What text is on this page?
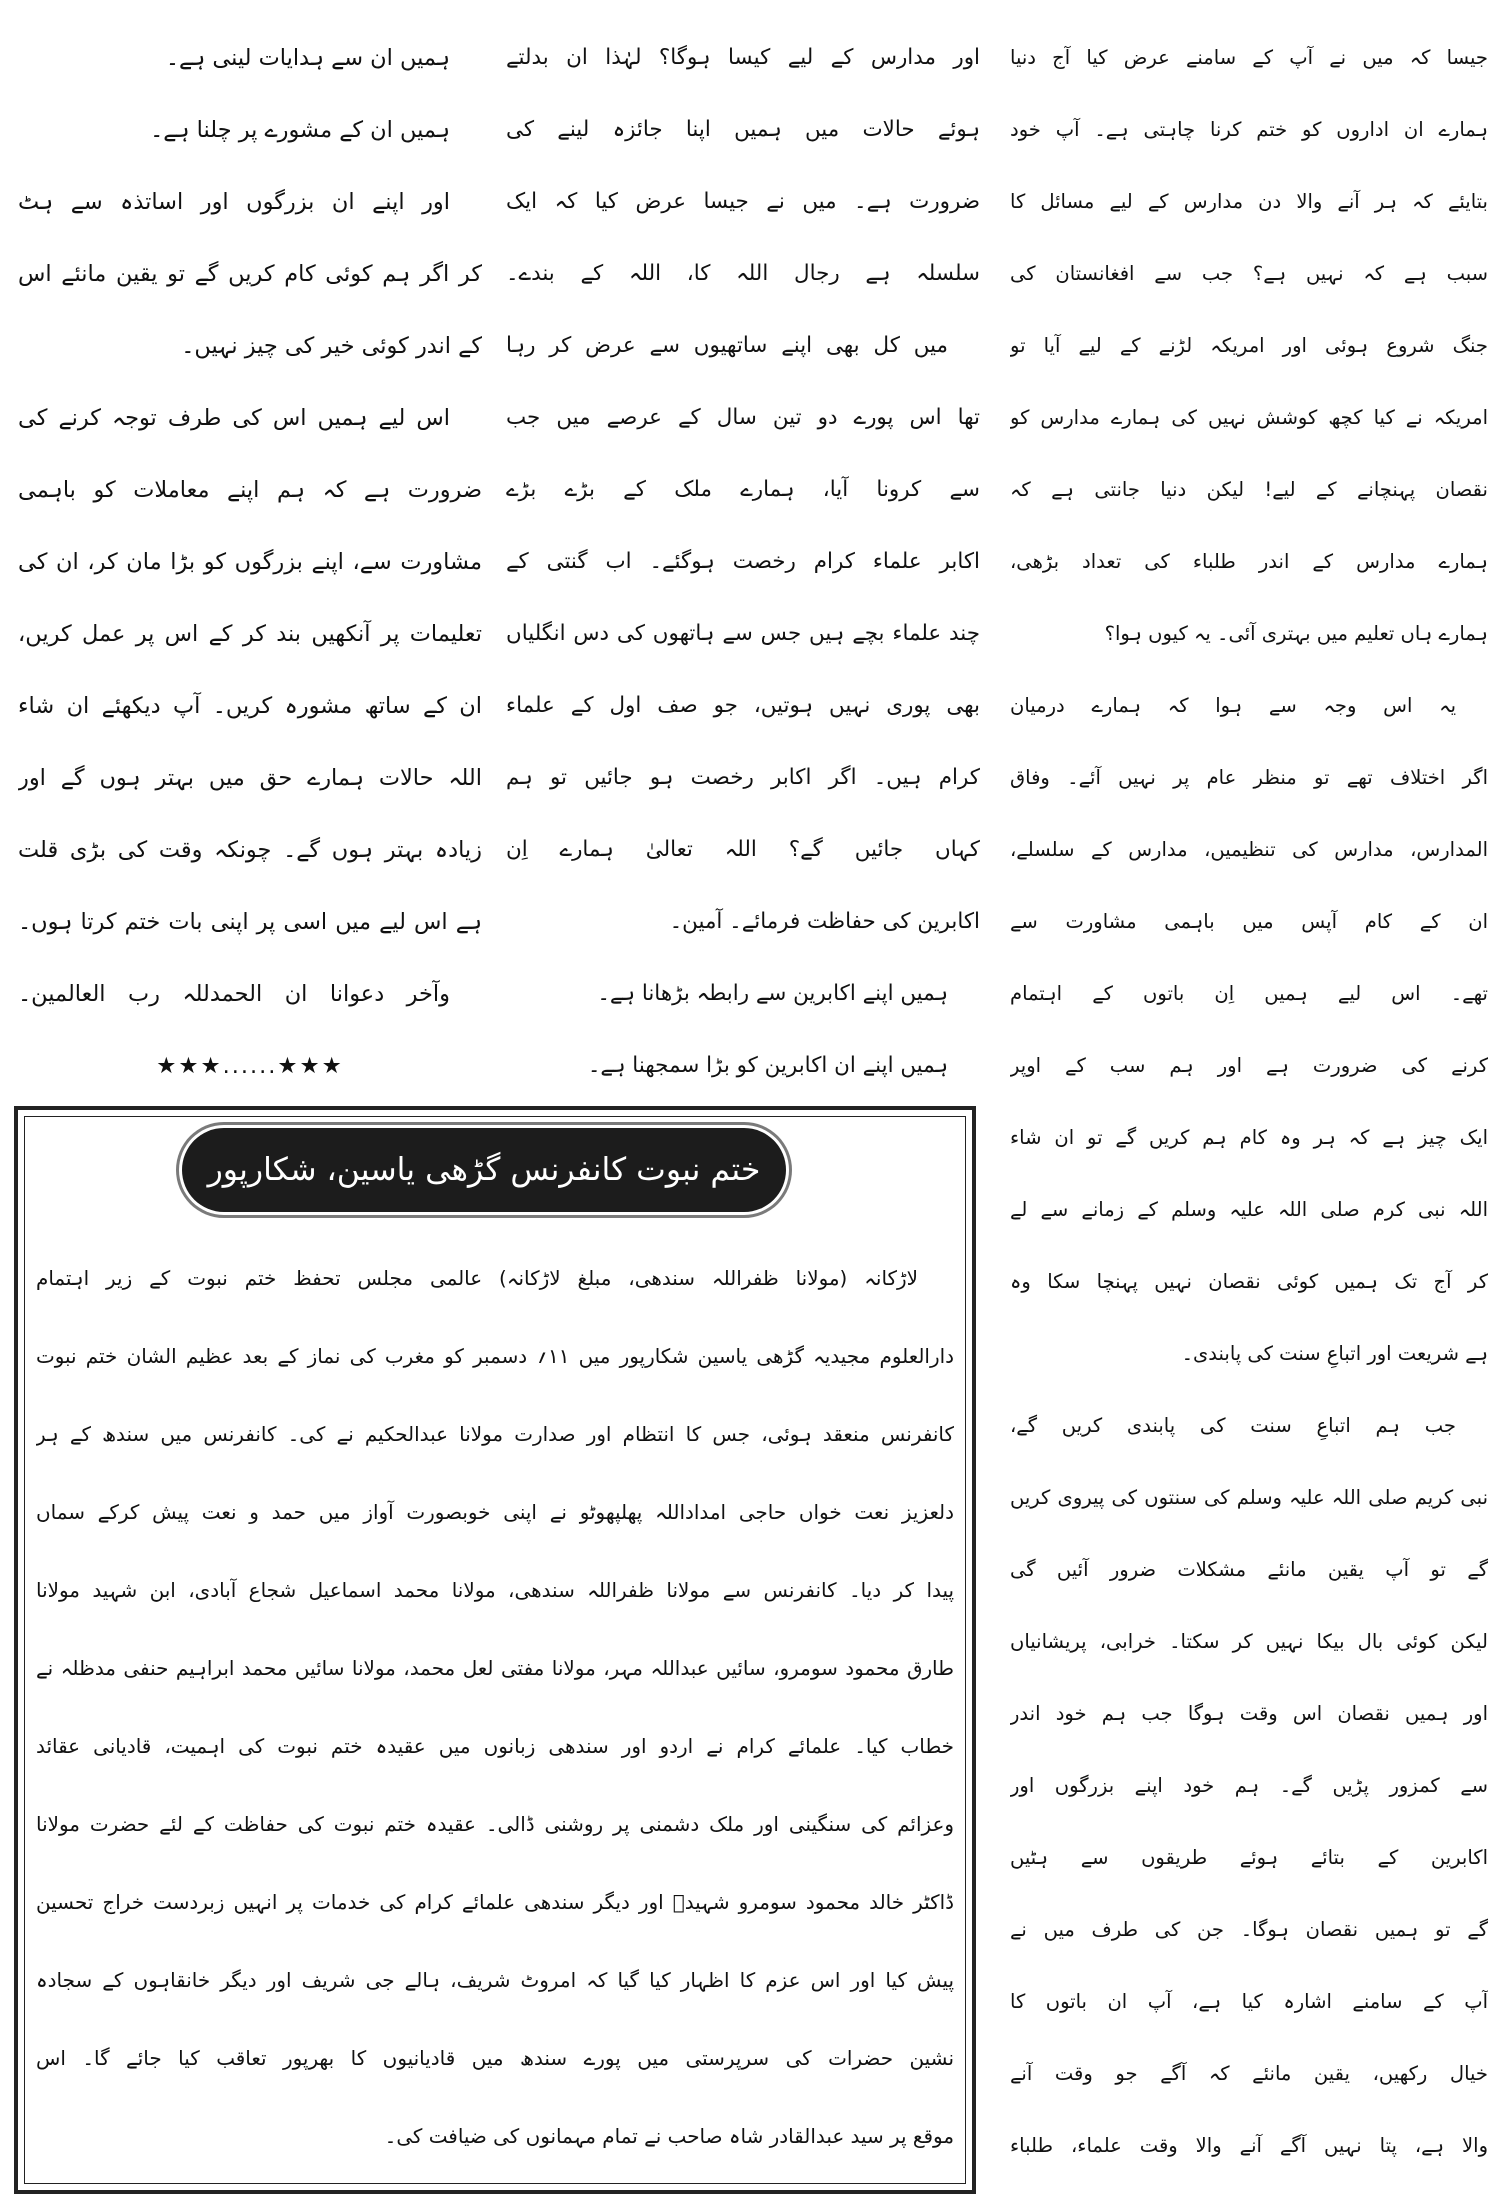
جیسا کہ میں نے آپ کے سامنے عرض کیا آج دنیا
ہمارے ان اداروں کو ختم کرنا چاہتی ہے۔ آپ خود
بتایئے کہ ہر آنے والا دن مدارس کے لیے مسائل کا
سبب ہے کہ نہیں ہے؟ جب سے افغانستان کی
جنگ شروع ہوئی اور امریکہ لڑنے کے لیے آیا تو
امریکہ نے کیا کچھ کوشش نہیں کی ہمارے مدارس کو
نقصان پہنچانے کے لیے! لیکن دنیا جانتی ہے کہ
ہمارے مدارس کے اندر طلباء کی تعداد بڑھی،
ہمارے ہاں تعلیم میں بہتری آئی۔ یہ کیوں ہوا؟
یہ اس وجہ سے ہوا کہ ہمارے درمیان
اگر اختلاف تھے تو منظر عام پر نہیں آئے۔ وفاق
المدارس، مدارس کی تنظیمیں، مدارس کے سلسلے،
ان کے کام آپس میں باہمی مشاورت سے
تھے۔ اس لیے ہمیں اِن باتوں کے اہتمام
کرنے کی ضرورت ہے اور ہم سب کے اوپر
ایک چیز ہے کہ ہر وہ کام ہم کریں گے تو ان شاء
اللہ نبی کرم صلی اللہ علیہ وسلم کے زمانے سے لے
کر آج تک ہمیں کوئی نقصان نہیں پہنچا سکا وہ
ہے شریعت اور اتباعِ سنت کی پابندی۔
جب ہم اتباعِ سنت کی پابندی کریں گے،
نبی کریم صلی اللہ علیہ وسلم کی سنتوں کی پیروی کریں
گے تو آپ یقین مانئے مشکلات ضرور آئیں گی
لیکن کوئی بال بیکا نہیں کر سکتا۔ خرابی، پریشانیاں
اور ہمیں نقصان اس وقت ہوگا جب ہم خود اندر
سے کمزور پڑیں گے۔ ہم خود اپنے بزرگوں اور
اکابرین کے بتائے ہوئے طریقوں سے ہٹیں
گے تو ہمیں نقصان ہوگا۔ جن کی طرف میں نے
آپ کے سامنے اشارہ کیا ہے، آپ ان باتوں کا
خیال رکھیں، یقین مانئے کہ آگے جو وقت آنے
والا ہے، پتا نہیں آگے آنے والا وقت علماء، طلباء
اور مدارس کے لیے کیسا ہوگا؟ لہٰذا ان بدلتے
ہوئے حالات میں ہمیں اپنا جائزہ لینے کی
ضرورت ہے۔ میں نے جیسا عرض کیا کہ ایک
سلسلہ ہے رجال اللہ کا، اللہ کے بندے۔
میں کل بھی اپنے ساتھیوں سے عرض کر رہا
تھا اس پورے دو تین سال کے عرصے میں جب
سے کرونا آیا، ہمارے ملک کے بڑے بڑے
اکابر علماء کرام رخصت ہوگئے۔ اب گنتی کے
چند علماء بچے ہیں جس سے ہاتھوں کی دس انگلیاں
بھی پوری نہیں ہوتیں، جو صف اول کے علماء
کرام ہیں۔ اگر اکابر رخصت ہو جائیں تو ہم
کہاں جائیں گے؟ اللہ تعالیٰ ہمارے اِن
اکابرین کی حفاظت فرمائے۔ آمین۔
ہمیں اپنے اکابرین سے رابطہ بڑھانا ہے۔
ہمیں اپنے ان اکابرین کو بڑا سمجھنا ہے۔
ہمیں ان سے ہدایات لینی ہے۔
ہمیں ان کے مشورے پر چلنا ہے۔
اور اپنے ان بزرگوں اور اساتذہ سے ہٹ
کر اگر ہم کوئی کام کریں گے تو یقین مانئے اس
کے اندر کوئی خیر کی چیز نہیں۔
اس لیے ہمیں اس کی طرف توجہ کرنے کی
ضرورت ہے کہ ہم اپنے معاملات کو باہمی
مشاورت سے، اپنے بزرگوں کو بڑا مان کر، ان کی
تعلیمات پر آنکھیں بند کر کے اس پر عمل کریں،
ان کے ساتھ مشورہ کریں۔ آپ دیکھئے ان شاء
اللہ حالات ہمارے حق میں بہتر ہوں گے اور
زیادہ بہتر ہوں گے۔ چونکہ وقت کی بڑی قلت
ہے اس لیے میں اسی پر اپنی بات ختم کرتا ہوں۔
وآخر دعوانا ان الحمدللہ رب العالمین۔
★★★......★★★
ختم نبوت کانفرنس گڑھی یاسین، شکارپور
لاڑکانہ (مولانا ظفراللہ سندھی، مبلغ لاڑکانہ) عالمی مجلس تحفظ ختم نبوت کے زیر اہتمام
دارالعلوم مجیدیہ گڑھی یاسین شکارپور میں ۱۱؍ دسمبر کو مغرب کی نماز کے بعد عظیم الشان ختم نبوت
کانفرنس منعقد ہوئی، جس کا انتظام اور صدارت مولانا عبدالحکیم نے کی۔ کانفرنس میں سندھ کے ہر
دلعزیز نعت خواں حاجی امداداللہ پھلپھوٹو نے اپنی خوبصورت آواز میں حمد و نعت پیش کرکے سماں
پیدا کر دیا۔ کانفرنس سے مولانا ظفراللہ سندھی، مولانا محمد اسماعیل شجاع آبادی، ابن شہید مولانا
طارق محمود سومرو، سائیں عبداللہ مہر، مولانا مفتی لعل محمد، مولانا سائیں محمد ابراہیم حنفی مدظلہ نے
خطاب کیا۔ علمائے کرام نے اردو اور سندھی زبانوں میں عقیدہ ختم نبوت کی اہمیت، قادیانی عقائد
وعزائم کی سنگینی اور ملک دشمنی پر روشنی ڈالی۔ عقیدہ ختم نبوت کی حفاظت کے لئے حضرت مولانا
ڈاکٹر خالد محمود سومرو شہیدؒ اور دیگر سندھی علمائے کرام کی خدمات پر انہیں زبردست خراج تحسین
پیش کیا اور اس عزم کا اظہار کیا گیا کہ امروٹ شریف، ہالے جی شریف اور دیگر خانقاہوں کے سجادہ
نشین حضرات کی سرپرستی میں پورے سندھ میں قادیانیوں کا بھرپور تعاقب کیا جائے گا۔ اس
موقع پر سید عبدالقادر شاہ صاحب نے تمام مہمانوں کی ضیافت کی۔
